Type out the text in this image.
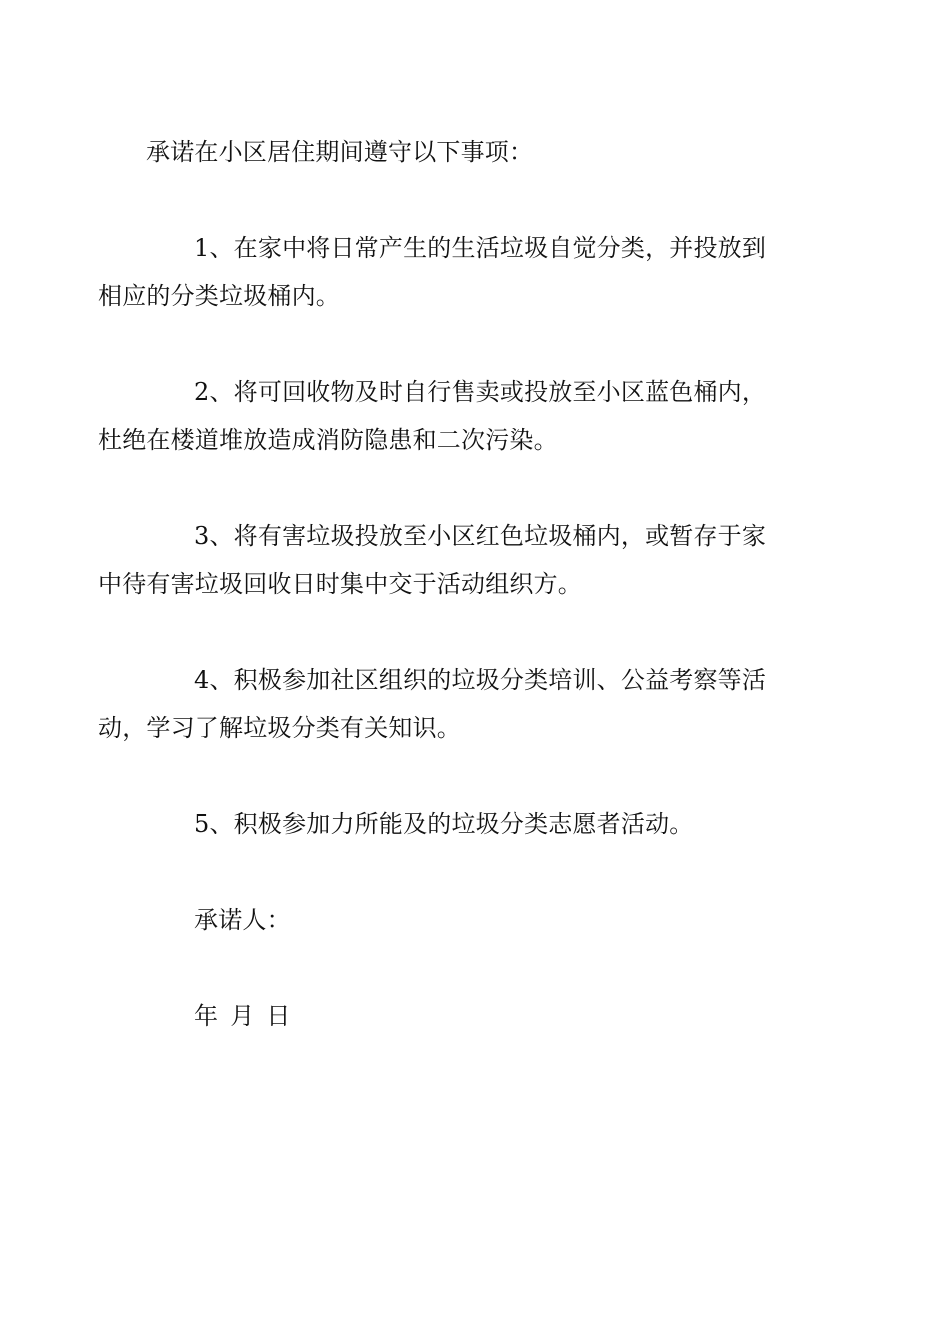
承诺在小区居住期间遵守以下事项：

1、在家中将日常产生的生活垃圾自觉分类，并投放到
相应的分类垃圾桶内。

2、将可回收物及时自行售卖或投放至小区蓝色桶内，
杜绝在楼道堆放造成消防隐患和二次污染。

3、将有害垃圾投放至小区红色垃圾桶内，或暂存于家
中待有害垃圾回收日时集中交于活动组织方。

4、积极参加社区组织的垃圾分类培训、公益考察等活
动，学习了解垃圾分类有关知识。

5、积极参加力所能及的垃圾分类志愿者活动。

承诺人：

年 月 日
